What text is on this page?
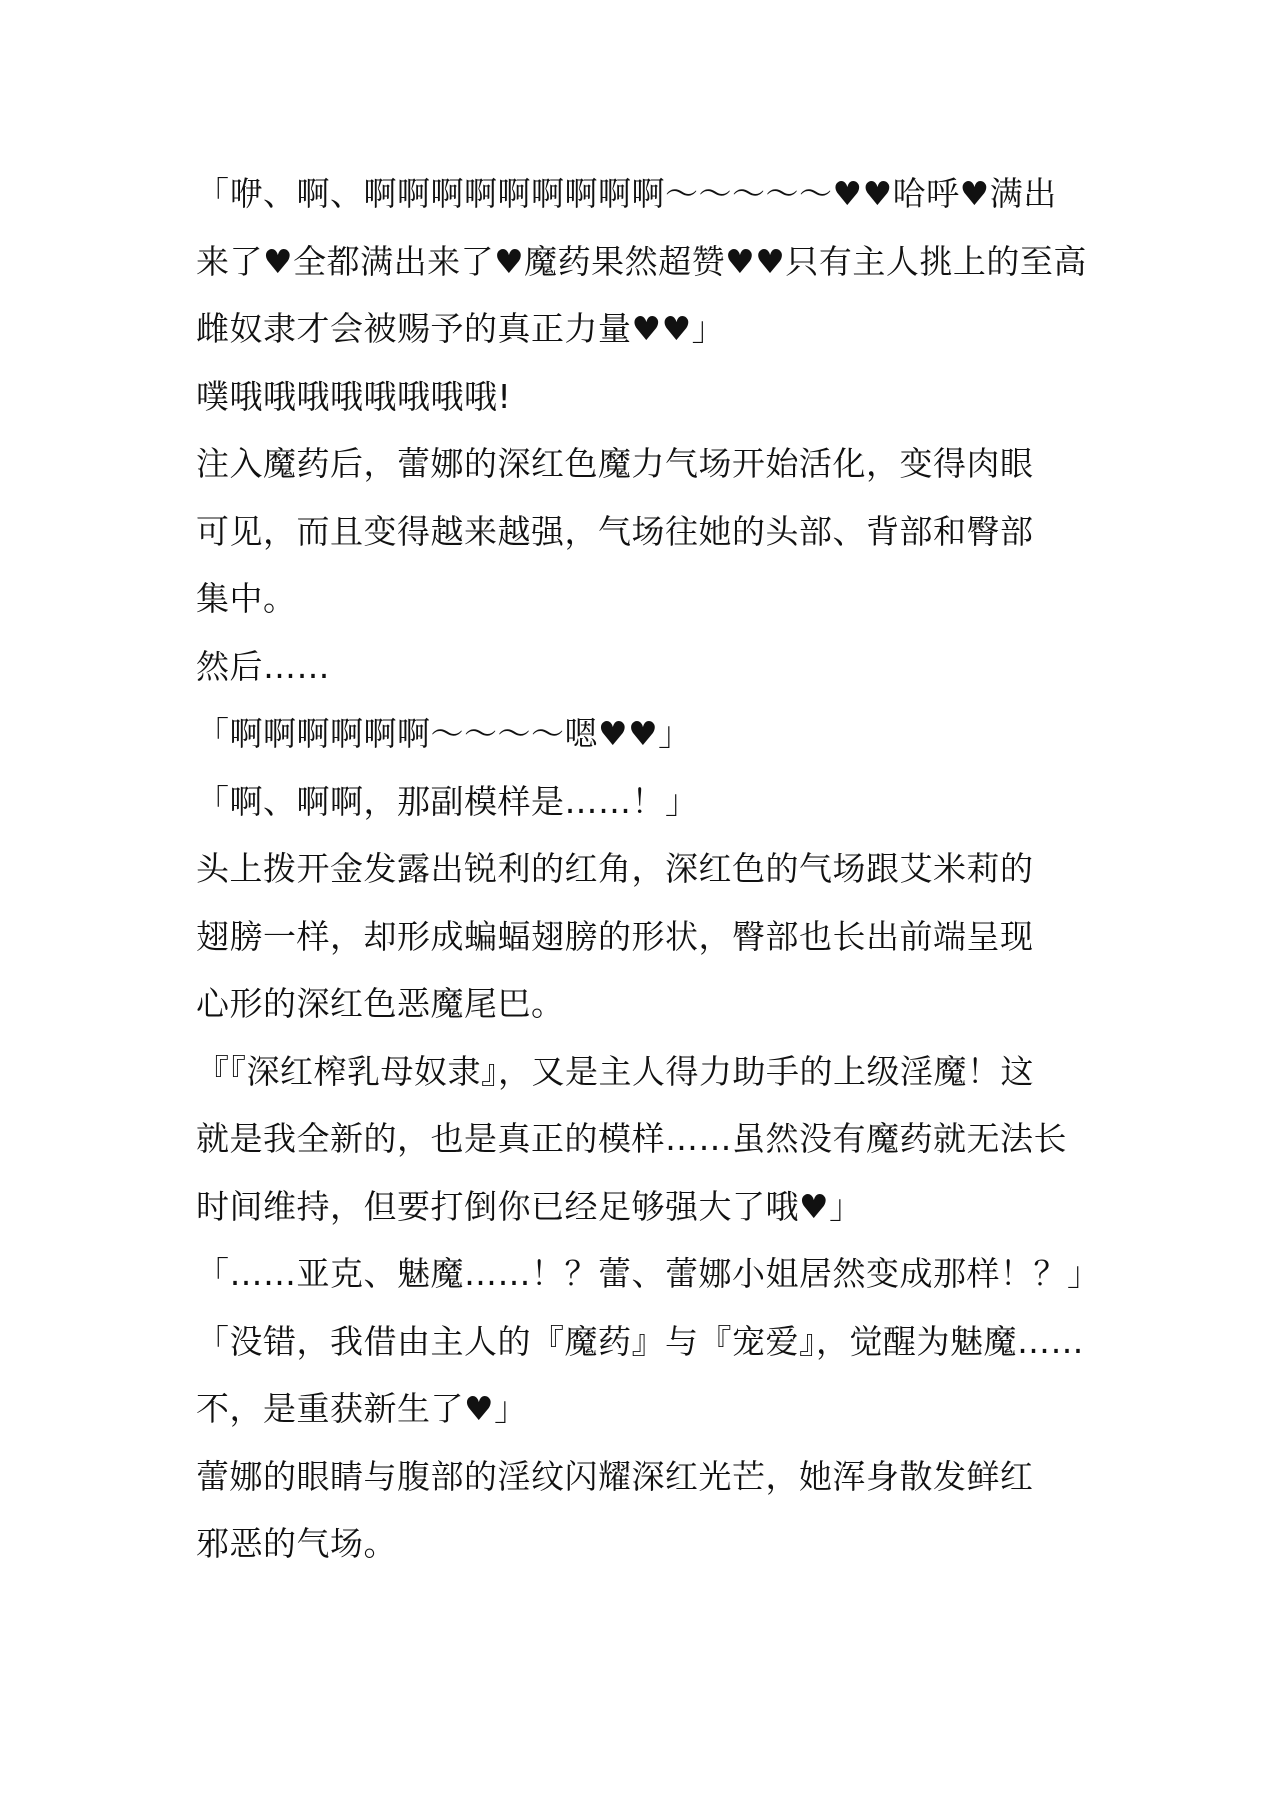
「咿、啊、啊啊啊啊啊啊啊啊啊～～～～～♥♥哈呼♥满出
来了♥全都满出来了♥魔药果然超赞♥♥只有主人挑上的至高
雌奴隶才会被赐予的真正力量♥♥」
噗哦哦哦哦哦哦哦哦!
注入魔药后，蕾娜的深红色魔力气场开始活化，变得肉眼
可见，而且变得越来越强，气场往她的头部、背部和臀部
集中。
然后……
「啊啊啊啊啊啊～～～～嗯♥♥」
「啊、啊啊，那副模样是……！」
头上拨开金发露出锐利的红角，深红色的气场跟艾米莉的
翅膀一样，却形成蝙蝠翅膀的形状，臀部也长出前端呈现
心形的深红色恶魔尾巴。
『『深红榨乳母奴隶』，又是主人得力助手的上级淫魔！这
就是我全新的，也是真正的模样……虽然没有魔药就无法长
时间维持，但要打倒你已经足够强大了哦♥」
「……亚克、魅魔……！？蕾、蕾娜小姐居然变成那样！？」
「没错，我借由主人的『魔药』与『宠爱』，觉醒为魅魔……
不，是重获新生了♥」
蕾娜的眼睛与腹部的淫纹闪耀深红光芒，她浑身散发鲜红
邪恶的气场。
